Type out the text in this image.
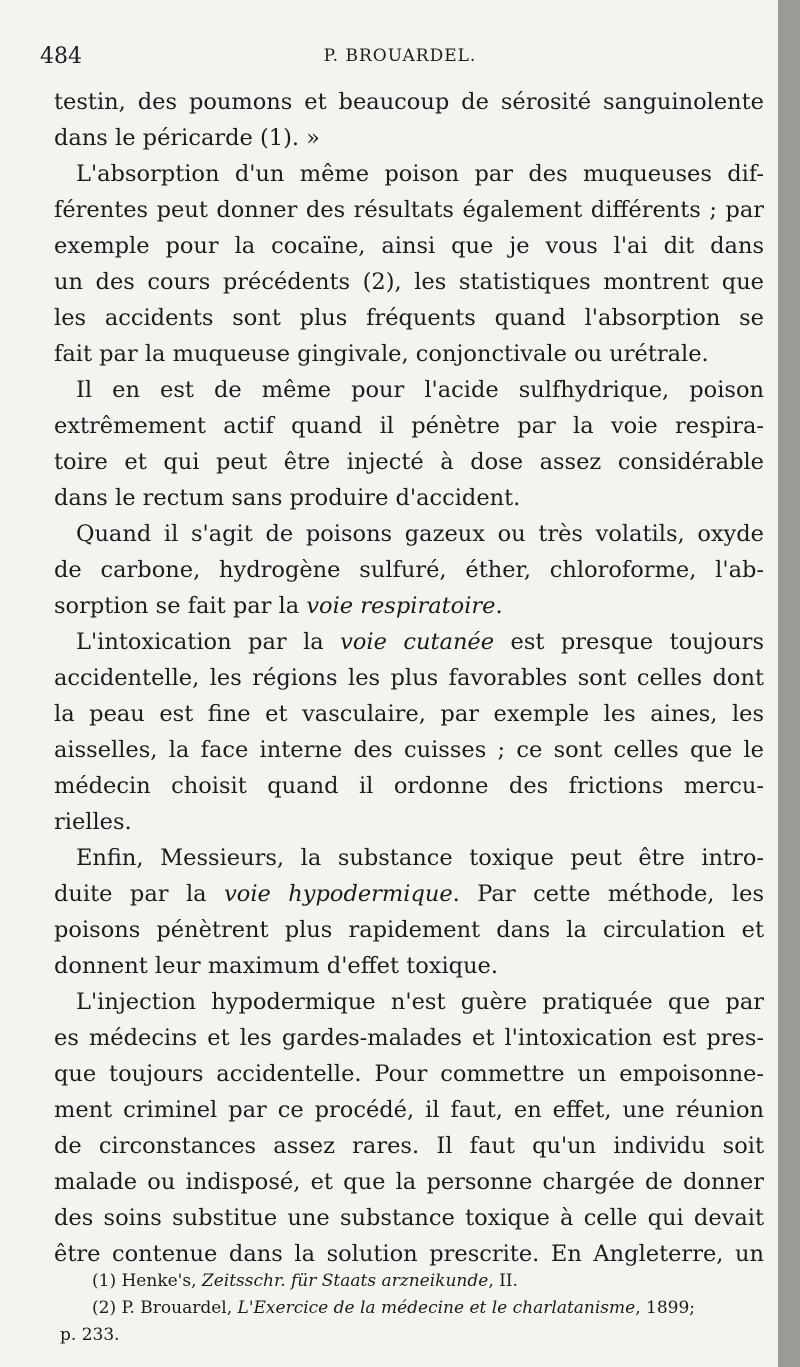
484	P. BROUARDEL.
testin, des poumons et beaucoup de sérosité sanguinolente
dans le péricarde (1). »
L'absorption d'un même poison par des muqueuses dif-
férentes peut donner des résultats également différents ; par
exemple pour la cocaïne, ainsi que je vous l'ai dit dans
un des cours précédents (2), les statistiques montrent que
les accidents sont plus fréquents quand l'absorption se
fait par la muqueuse gingivale, conjonctivale ou urétrale.
Il en est de même pour l'acide sulfhydrique, poison
extrêmement actif quand il pénètre par la voie respira-
toire et qui peut être injecté à dose assez considérable
dans le rectum sans produire d'accident.
Quand il s'agit de poisons gazeux ou très volatils, oxyde
de carbone, hydrogène sulfuré, éther, chloroforme, l'ab-
sorption se fait par la voie respiratoire.
L'intoxication par la voie cutanée est presque toujours
accidentelle, les régions les plus favorables sont celles dont
la peau est fine et vasculaire, par exemple les aines, les
aisselles, la face interne des cuisses ; ce sont celles que le
médecin choisit quand il ordonne des frictions mercu-
rielles.
Enfin, Messieurs, la substance toxique peut être intro-
duite par la voie hypodermique. Par cette méthode, les
poisons pénètrent plus rapidement dans la circulation et
donnent leur maximum d'effet toxique.
L'injection hypodermique n'est guère pratiquée que par
es médecins et les gardes-malades et l'intoxication est pres-
que toujours accidentelle. Pour commettre un empoisonne-
ment criminel par ce procédé, il faut, en effet, une réunion
de circonstances assez rares. Il faut qu'un individu soit
malade ou indisposé, et que la personne chargée de donner
des soins substitue une substance toxique à celle qui devait
être contenue dans la solution prescrite. En Angleterre, un
(1) Henke's, Zeitsschr. für Staats arzneikunde, II.
(2) P. Brouardel, L'Exercice de la médecine et le charlatanisme, 1899;
p. 233.
